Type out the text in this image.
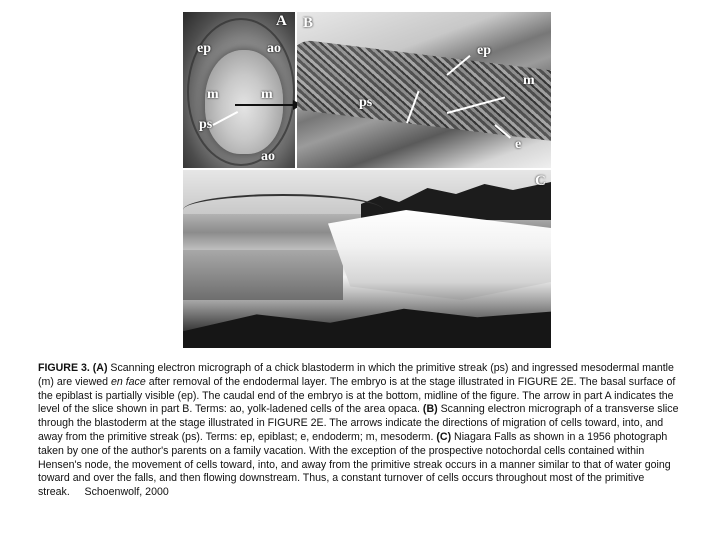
A
ep	ao
m	m
ps
ao
B
ep
m
ps
e
C

FIGURE 3. (A) Scanning electron micrograph of a chick blastoderm in which the primitive streak (ps) and ingressed mesodermal mantle (m) are viewed en face after removal of the endodermal layer. The embryo is at the stage illustrated in FIGURE 2E. The basal surface of the epiblast is partially visible (ep). The caudal end of the embryo is at the bottom, midline of the figure. The arrow in part A indicates the level of the slice shown in part B. Terms: ao, yolk-ladened cells of the area opaca. (B) Scanning electron micrograph of a transverse slice through the blastoderm at the stage illustrated in FIGURE 2E. The arrows indicate the directions of migration of cells toward, into, and away from the primitive streak (ps). Terms: ep, epiblast; e, endoderm; m, mesoderm. (C) Niagara Falls as shown in a 1956 photograph taken by one of the author's parents on a family vacation. With the exception of the prospective notochordal cells contained within Hensen's node, the movement of cells toward, into, and away from the primitive streak occurs in a manner similar to that of water going toward and over the falls, and then flowing downstream. Thus, a constant turnover of cells occurs throughout most of the primitive streak. Schoenwolf, 2000
